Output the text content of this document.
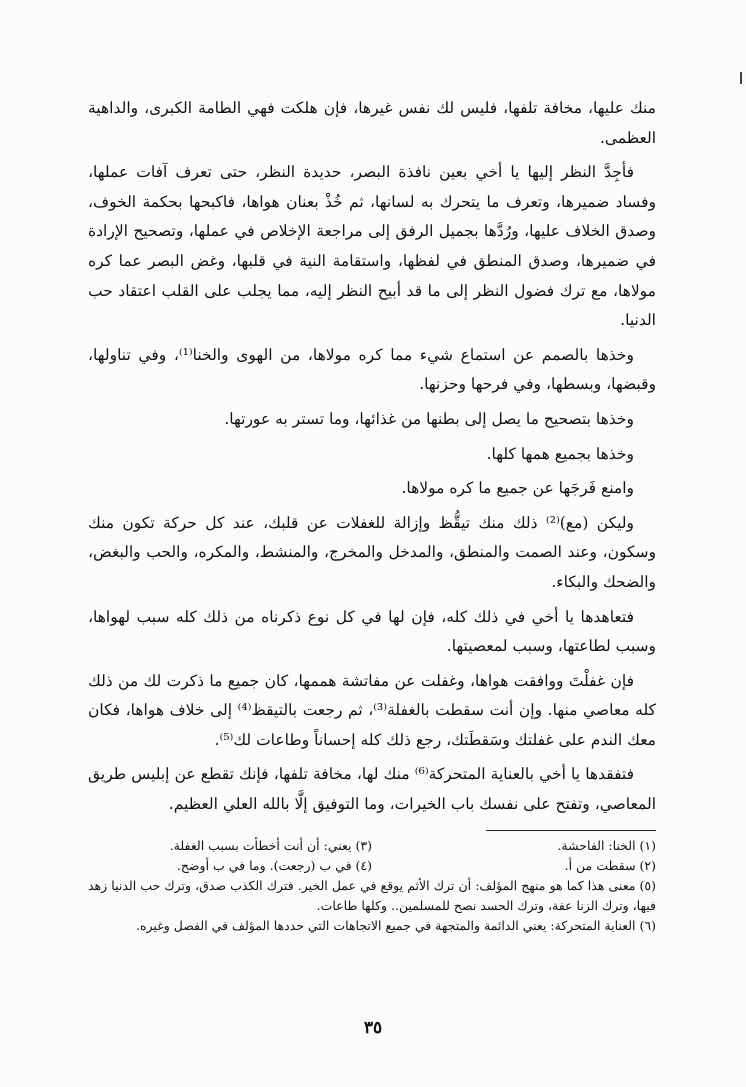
منك عليها، مخافة تلفها، فليس لك نفس غيرها، فإن هلكت فهي الطامة الكبرى، والداهية العظمى.

فأجِدَّ النظر إليها يا أخي بعين نافذة البصر، حديدة النظر، حتى تعرف آفات عملها، وفساد ضميرها، وتعرف ما يتحرك به لسانها، ثم خُذْ بعنان هواها، فاكبحها بحكمة الخوف، وصدق الخلاف عليها، ورُدَّها بجميل الرفق إلى مراجعة الإخلاص في عملها، وتصحيح الإرادة في ضميرها، وصدق المنطق في لفظها، واستقامة النية في قلبها، وغض البصر عما كره مولاها، مع ترك فضول النظر إلى ما قد أبيح النظر إليه، مما يجلب على القلب اعتقاد حب الدنيا.

وخذها بالصمم عن استماع شيء مما كره مولاها، من الهوى والخنا⁽¹⁾، وفي تناولها، وقبضها، وبسطها، وفي فرحها وحزنها.

وخذها بتصحيح ما يصل إلى بطنها من غذائها، وما تستر به عورتها.

وخذها بجميع همها كلها.

وامنع فَرجَها عن جميع ما كره مولاها.

وليكن (مع)⁽²⁾ ذلك منك تيقُّظ وإزالة للغفلات عن قلبك، عند كل حركة تكون منك وسكون، وعند الصمت والمنطق، والمدخل والمخرج، والمنشط، والمكره، والحب والبغض، والضحك والبكاء.

فتعاهدها يا أخي في ذلك كله، فإن لها في كل نوع ذكرناه من ذلك كله سبب لهواها، وسبب لطاعتها، وسبب لمعصيتها.

فإن غفلْتَ ووافقت هواها، وغفلت عن مفاتشة هممها، كان جميع ما ذكرت لك من ذلك كله معاصي منها. وإن أنت سقطت بالغفلة⁽³⁾، ثم رجعت بالتيقظ⁽⁴⁾ إلى خلاف هواها، فكان معك الندم على غفلتك وسَقطَتك، رجع ذلك كله إحساناً وطاعات لك⁽⁵⁾.

فتفقدها يا أخي بالعناية المتحركة⁽⁶⁾ منك لها، مخافة تلفها، فإنك تقطع عن إبليس طريق المعاصي، وتفتح على نفسك باب الخيرات، وما التوفيق إلَّا بالله العلي العظيم.

(١) الخنا: الفاحشة.
(٢) سقطت من أ.
(٣) يعني: أن أنت أخطأت بسبب الغفلة.
(٤) في ب (رجعت). وما في ب أوضح.

(٥) معنى هذا كما هو منهج المؤلف: أن ترك الأثم يوقع في عمل الخير. فترك الكذب صدق، وترك حب الدنيا زهد فيها، وترك الزنا عفة، وترك الحسد نصح للمسلمين.. وكلها طاعات.

(٦) العناية المتحركة: يعني الدائمة والمتجهة في جميع الاتجاهات التي حددها المؤلف في الفصل وغيره.

٣٥
